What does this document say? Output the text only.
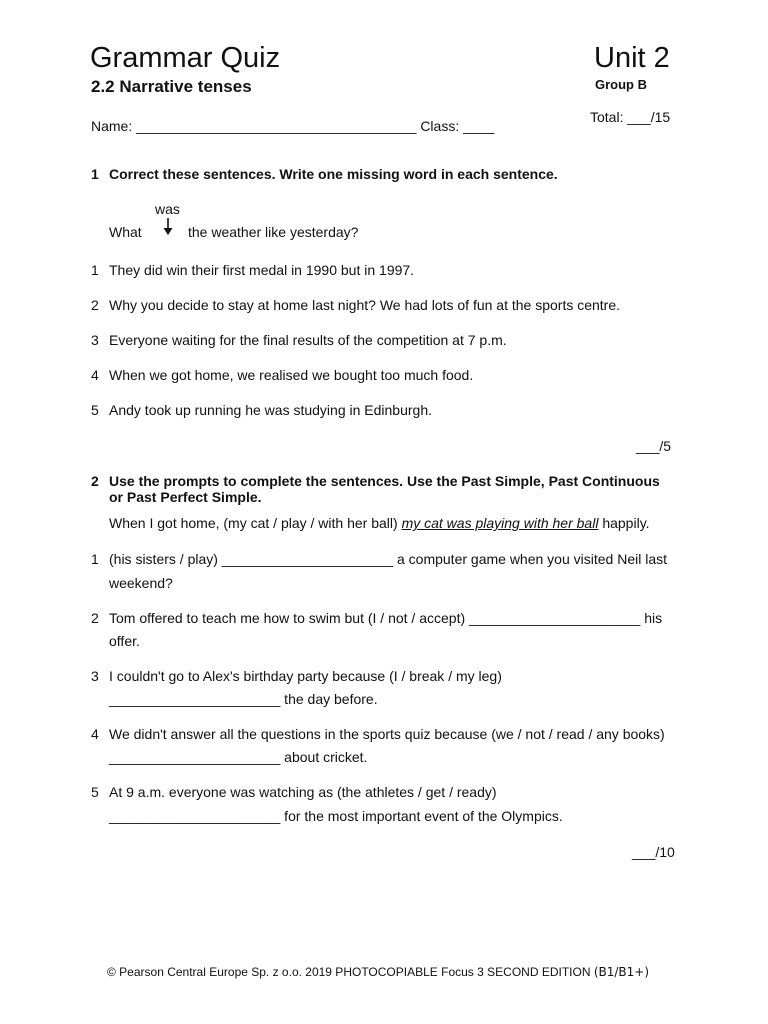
Grammar Quiz	Unit 2
2.2 Narrative tenses	Group B
Total: ___/15
Name: ____________________________________ Class: ____
1 Correct these sentences. Write one missing word in each sentence.
was
What	the weather like yesterday?
1 They did win their first medal in 1990 but in 1997.
2 Why you decide to stay at home last night? We had lots of fun at the sports centre.
3 Everyone waiting for the final results of the competition at 7 p.m.
4 When we got home, we realised we bought too much food.
5 Andy took up running he was studying in Edinburgh.
___/5
2 Use the prompts to complete the sentences. Use the Past Simple, Past Continuous
or Past Perfect Simple.
When I got home, (my cat / play / with her ball) my cat was playing with her ball happily.
1 (his sisters / play) ______________________ a computer game when you visited Neil last
weekend?
2 Tom offered to teach me how to swim but (I / not / accept) ______________________ his
offer.
3 I couldn't go to Alex's birthday party because (I / break / my leg)
______________________ the day before.
4 We didn't answer all the questions in the sports quiz because (we / not / read / any books)
______________________ about cricket.
5 At 9 a.m. everyone was watching as (the athletes / get / ready)
______________________ for the most important event of the Olympics.
___/10
© Pearson Central Europe Sp. z o.o. 2019 PHOTOCOPIABLE Focus 3 SECOND EDITION (B1/B1+)
